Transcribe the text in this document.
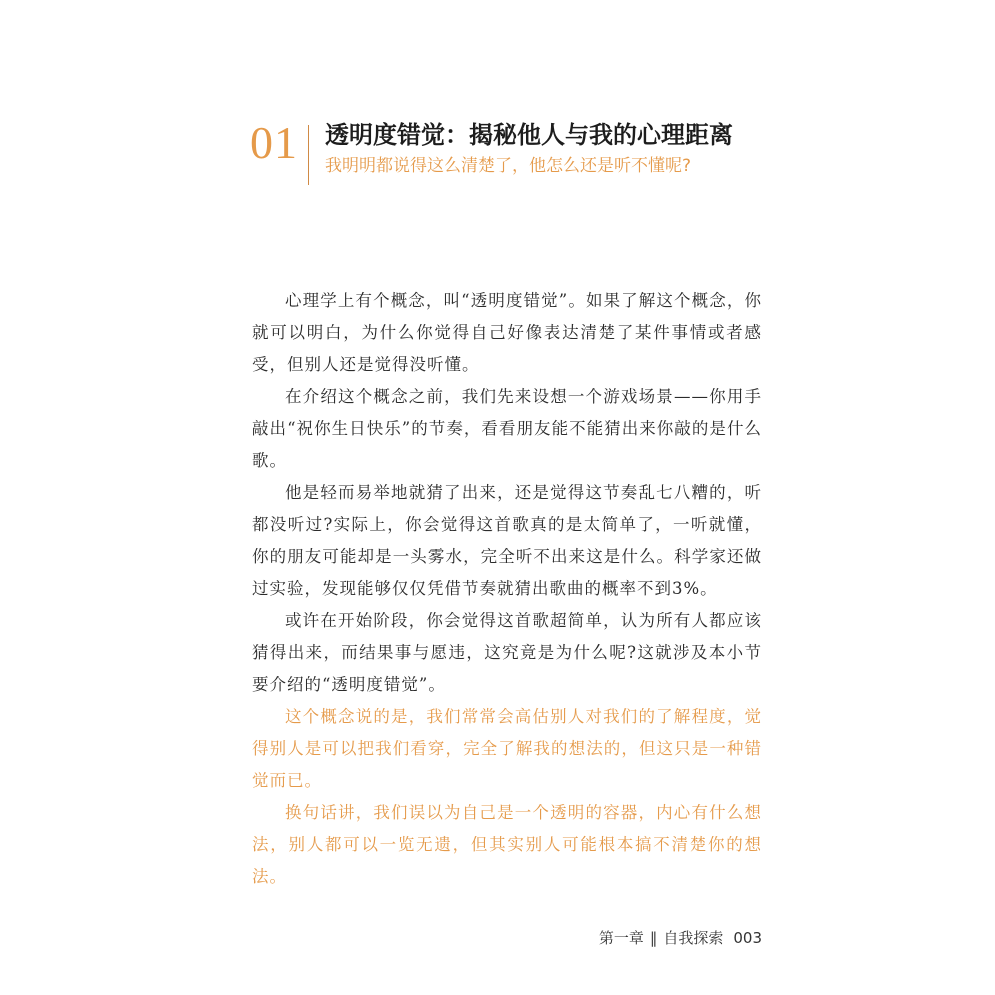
01 透明度错觉：揭秘他人与我的心理距离
我明明都说得这么清楚了，他怎么还是听不懂呢?

心理学上有个概念，叫“透明度错觉”。如果了解这个概念，你就可以明白，为什么你觉得自己好像表达清楚了某件事情或者感受，但别人还是觉得没听懂。

在介绍这个概念之前，我们先来设想一个游戏场景——你用手敲出“祝你生日快乐”的节奏，看看朋友能不能猜出来你敲的是什么歌。

他是轻而易举地就猜了出来，还是觉得这节奏乱七八糟的，听都没听过?实际上，你会觉得这首歌真的是太简单了，一听就懂，你的朋友可能却是一头雾水，完全听不出来这是什么。科学家还做过实验，发现能够仅仅凭借节奏就猜出歌曲的概率不到3%。

或许在开始阶段，你会觉得这首歌超简单，认为所有人都应该猜得出来，而结果事与愿违，这究竟是为什么呢?这就涉及本小节要介绍的“透明度错觉”。

这个概念说的是，我们常常会高估别人对我们的了解程度，觉得别人是可以把我们看穿，完全了解我的想法的，但这只是一种错觉而已。

换句话讲，我们误以为自己是一个透明的容器，内心有什么想法，别人都可以一览无遗，但其实别人可能根本搞不清楚你的想法。

第一章 ‖ 自我探索 003
